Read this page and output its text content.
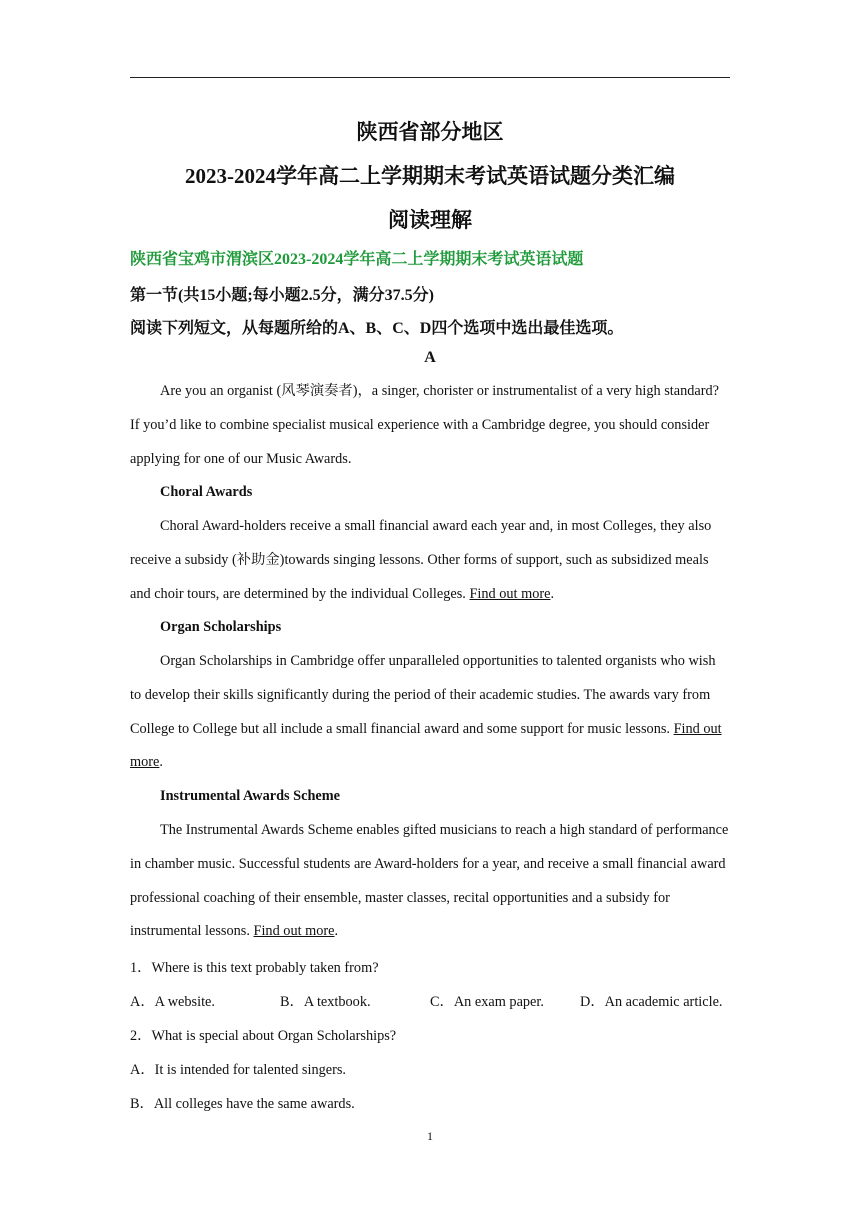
陕西省部分地区
2023-2024学年高二上学期期末考试英语试题分类汇编
阅读理解
陕西省宝鸡市渭滨区2023-2024学年高二上学期期末考试英语试题
第一节(共15小题;每小题2.5分，满分37.5分)
阅读下列短文，从每题所给的A、B、C、D四个选项中选出最佳选项。
A

Are you an organist (风琴演奏者)，a singer, chorister or instrumentalist of a very high standard? If you’d like to combine specialist musical experience with a Cambridge degree, you should consider applying for one of our Music Awards.

Choral Awards

Choral Award-holders receive a small financial award each year and, in most Colleges, they also receive a subsidy (补助金)towards singing lessons. Other forms of support, such as subsidized meals and choir tours, are determined by the individual Colleges. Find out more.

Organ Scholarships

Organ Scholarships in Cambridge offer unparalleled opportunities to talented organists who wish to develop their skills significantly during the period of their academic studies. The awards vary from College to College but all include a small financial award and some support for music lessons. Find out more.

Instrumental Awards Scheme

The Instrumental Awards Scheme enables gifted musicians to reach a high standard of performance in chamber music. Successful students are Award-holders for a year, and receive a small financial award professional coaching of their ensemble, master classes, recital opportunities and a subsidy for instrumental lessons. Find out more.

1．Where is this text probably taken from?
A．A website.	B．A textbook.	C．An exam paper.	D．An academic article.
2．What is special about Organ Scholarships?
A．It is intended for talented singers.
B．All colleges have the same awards.
1
